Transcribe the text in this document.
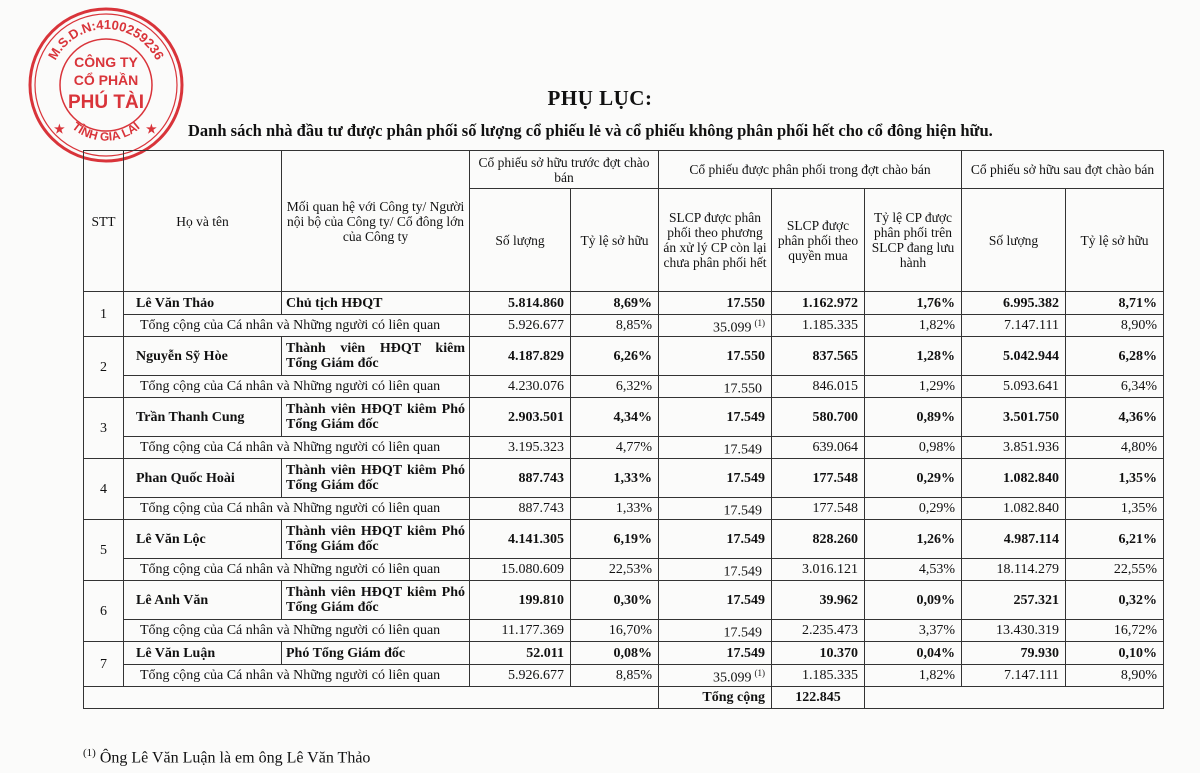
M.S.D.N:4100259236
TỈNH GIA LAI
CÔNG TY
CỔ PHẦN
PHÚ TÀI
★	★
PHỤ LỤC:
Danh sách nhà đầu tư được phân phối số lượng cổ phiếu lẻ và cổ phiếu không phân phối hết cho cổ đông hiện hữu.
STT	Họ và tên	Mối quan hệ với Công ty/ Người nội bộ của Công ty/ Cổ đông lớn của Công ty	Cổ phiếu sở hữu trước đợt chào bán		Cổ phiếu được phân phối trong đợt chào bán			Cổ phiếu sở hữu sau đợt chào bán	
			Số lượng	Tỷ lệ sở hữu	SLCP được phân phối theo phương án xử lý CP còn lại chưa phân phối hết	SLCP được phân phối theo quyền mua	Tỷ lệ CP được phân phối trên SLCP đang lưu hành	Số lượng	Tỷ lệ sở hữu
1	Lê Văn Thảo	Chủ tịch HĐQT	5.814.860	8,69%	17.550	1.162.972	1,76%	6.995.382	8,71%
	Tổng cộng của Cá nhân và Những người có liên quan		5.926.677	8,85%	35.099 $^{(1)}$	1.185.335	1,82%	7.147.111	8,90%
2	Nguyễn Sỹ Hòe	Thành viên HĐQT kiêm Tổng Giám đốc	4.187.829	6,26%	17.550	837.565	1,28%	5.042.944	6,28%
	Tổng cộng của Cá nhân và Những người có liên quan		4.230.076	6,32%	17.550	846.015	1,29%	5.093.641	6,34%
3	Trần Thanh Cung	Thành viên HĐQT kiêm Phó Tổng Giám đốc	2.903.501	4,34%	17.549	580.700	0,89%	3.501.750	4,36%
	Tổng cộng của Cá nhân và Những người có liên quan		3.195.323	4,77%	17.549	639.064	0,98%	3.851.936	4,80%
4	Phan Quốc Hoài	Thành viên HĐQT kiêm Phó Tổng Giám đốc	887.743	1,33%	17.549	177.548	0,29%	1.082.840	1,35%
	Tổng cộng của Cá nhân và Những người có liên quan		887.743	1,33%	17.549	177.548	0,29%	1.082.840	1,35%
5	Lê Văn Lộc	Thành viên HĐQT kiêm Phó Tổng Giám đốc	4.141.305	6,19%	17.549	828.260	1,26%	4.987.114	6,21%
	Tổng cộng của Cá nhân và Những người có liên quan		15.080.609	22,53%	17.549	3.016.121	4,53%	18.114.279	22,55%
6	Lê Anh Văn	Thành viên HĐQT kiêm Phó Tổng Giám đốc	199.810	0,30%	17.549	39.962	0,09%	257.321	0,32%
	Tổng cộng của Cá nhân và Những người có liên quan		11.177.369	16,70%	17.549	2.235.473	3,37%	13.430.319	16,72%
7	Lê Văn Luận	Phó Tổng Giám đốc	52.011	0,08%	17.549	10.370	0,04%	79.930	0,10%
	Tổng cộng của Cá nhân và Những người có liên quan		5.926.677	8,85%	35.099 $^{(1)}$	1.185.335	1,82%	7.147.111	8,90%
					Tổng cộng	122.845			
$^{(1)}$ Ông Lê Văn Luận là em ông Lê Văn Thảo
